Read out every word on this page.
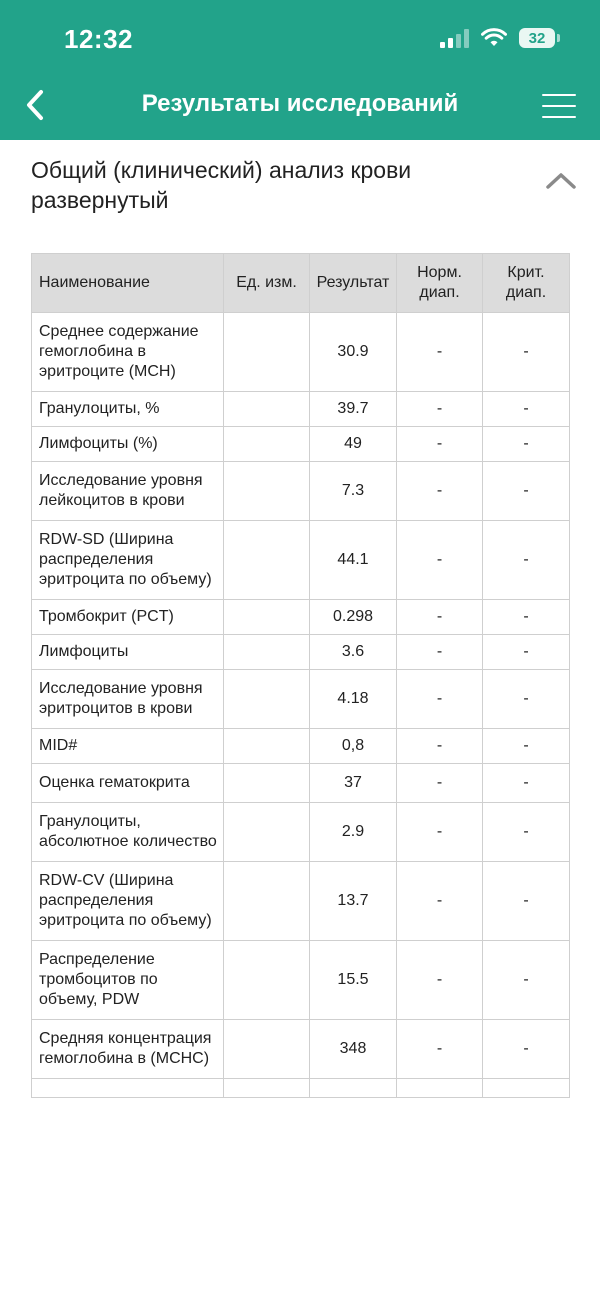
12:32	32
Результаты исследований
Общий (клинический) анализ крови развернутый
Наименование	Ед. изм.	Результат	Норм. диап.	Крит. диап.
Среднее содержание гемоглобина в эритроците (MCH)		30.9	-	-
Гранулоциты, %		39.7	-	-
Лимфоциты (%)		49	-	-
Исследование уровня лейкоцитов в крови		7.3	-	-
RDW-SD (Ширина распределения эритроцита по объему)		44.1	-	-
Тромбокрит (PCT)		0.298	-	-
Лимфоциты		3.6	-	-
Исследование уровня эритроцитов в крови		4.18	-	-
MID#		0,8	-	-
Оценка гематокрита		37	-	-
Гранулоциты, абсолютное количество		2.9	-	-
RDW-CV (Ширина распределения эритроцита по объему)		13.7	-	-
Распределение тромбоцитов по объему, PDW		15.5	-	-
Средняя концентрация гемоглобина в (MCHC)		348	-	-
